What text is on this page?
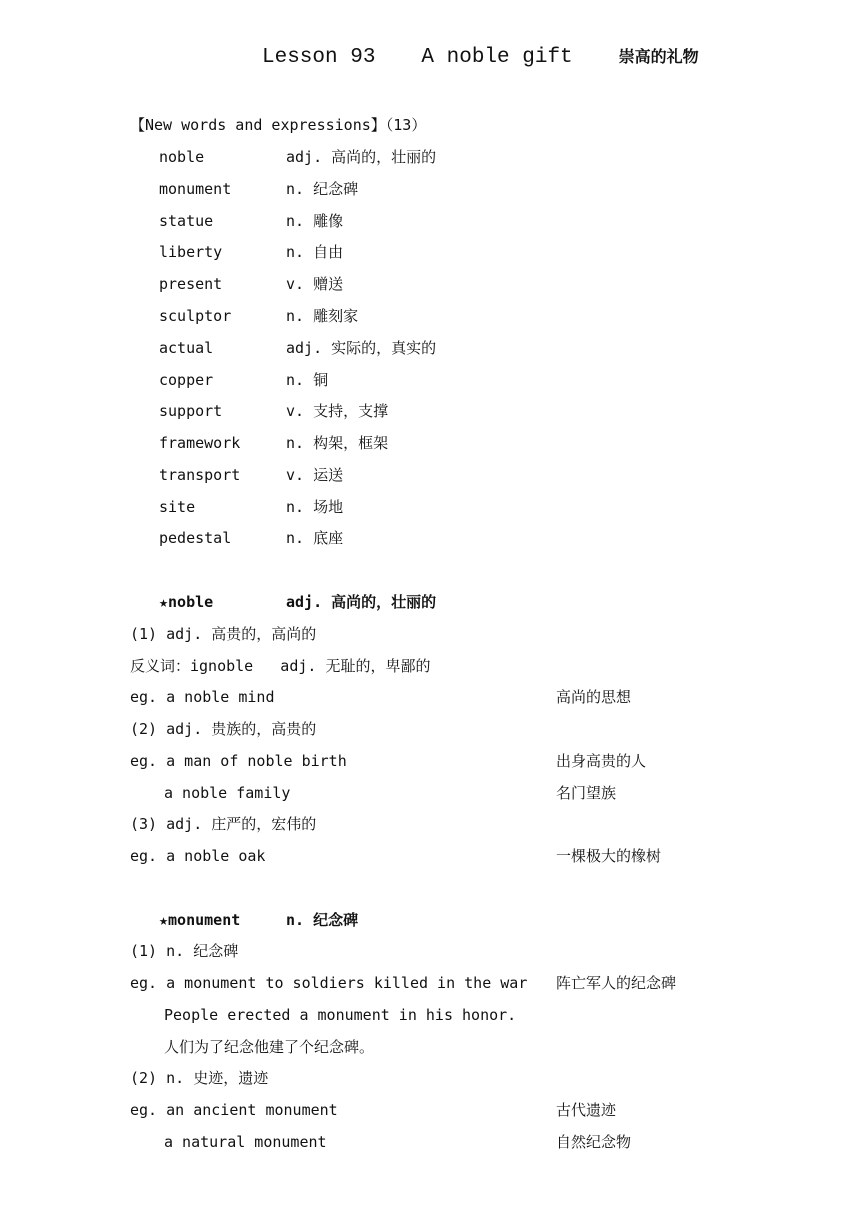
Lesson 93 A noble gift	崇高的礼物
【New words and expressions】（13）
noble	adj. 高尚的，壮丽的
monument	n. 纪念碑
statue	n. 雕像
liberty	n. 自由
present	v. 赠送
sculptor	n. 雕刻家
actual	adj. 实际的，真实的
copper	n. 铜
support	v. 支持，支撑
framework	n. 构架，框架
transport	v. 运送
site	n. 场地
pedestal	n. 底座
★noble	adj. 高尚的，壮丽的
(1) adj. 高贵的，高尚的
反义词：ignoble   adj. 无耻的，卑鄙的
eg. a noble mind	高尚的思想
(2) adj. 贵族的，高贵的
eg. a man of noble birth	出身高贵的人
a noble family	名门望族
(3) adj. 庄严的，宏伟的
eg. a noble oak	一棵极大的橡树
★monument	n. 纪念碑
(1) n. 纪念碑
eg. a monument to soldiers killed in the war 阵亡军人的纪念碑
People erected a monument in his honor.
人们为了纪念他建了个纪念碑。
(2) n. 史迹，遗迹
eg. an ancient monument	古代遗迹
a natural monument	自然纪念物
